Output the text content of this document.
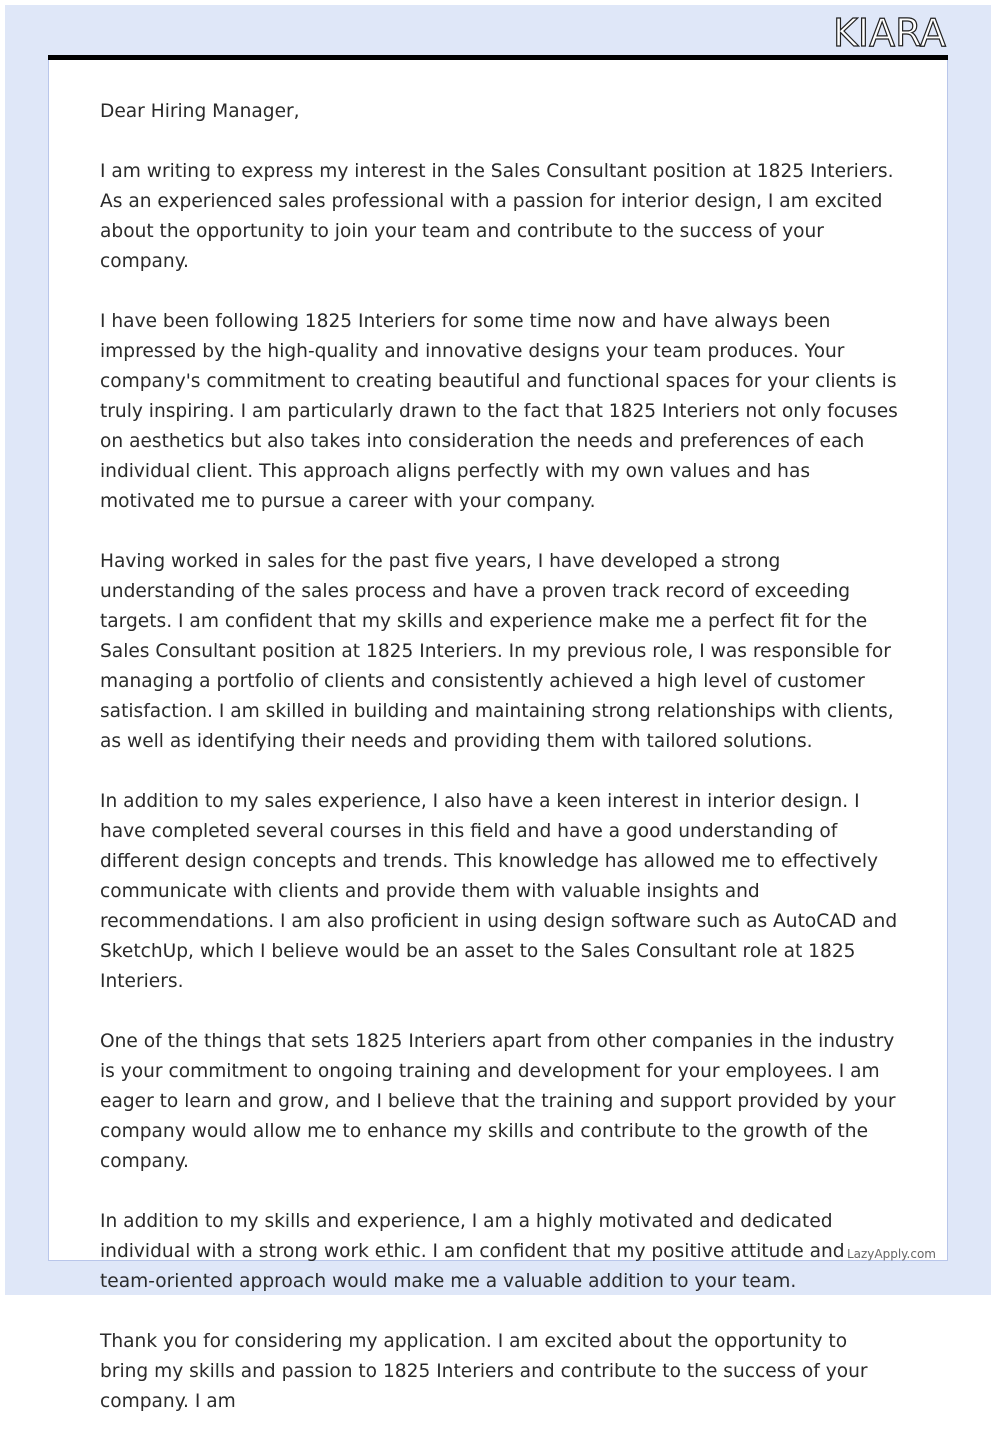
KIARA

Dear Hiring Manager,

I am writing to express my interest in the Sales Consultant position at 1825 Interiers. As an experienced sales professional with a passion for interior design, I am excited about the opportunity to join your team and contribute to the success of your company.

I have been following 1825 Interiers for some time now and have always been impressed by the high-quality and innovative designs your team produces. Your company's commitment to creating beautiful and functional spaces for your clients is truly inspiring. I am particularly drawn to the fact that 1825 Interiers not only focuses on aesthetics but also takes into consideration the needs and preferences of each individual client. This approach aligns perfectly with my own values and has motivated me to pursue a career with your company.

Having worked in sales for the past five years, I have developed a strong understanding of the sales process and have a proven track record of exceeding targets. I am confident that my skills and experience make me a perfect fit for the Sales Consultant position at 1825 Interiers. In my previous role, I was responsible for managing a portfolio of clients and consistently achieved a high level of customer satisfaction. I am skilled in building and maintaining strong relationships with clients, as well as identifying their needs and providing them with tailored solutions.

In addition to my sales experience, I also have a keen interest in interior design. I have completed several courses in this field and have a good understanding of different design concepts and trends. This knowledge has allowed me to effectively communicate with clients and provide them with valuable insights and recommendations. I am also proficient in using design software such as AutoCAD and SketchUp, which I believe would be an asset to the Sales Consultant role at 1825 Interiers.

One of the things that sets 1825 Interiers apart from other companies in the industry is your commitment to ongoing training and development for your employees. I am eager to learn and grow, and I believe that the training and support provided by your company would allow me to enhance my skills and contribute to the growth of the company.

In addition to my skills and experience, I am a highly motivated and dedicated individual with a strong work ethic. I am confident that my positive attitude and team-oriented approach would make me a valuable addition to your team.

Thank you for considering my application. I am excited about the opportunity to bring my skills and passion to 1825 Interiers and contribute to the success of your company. I am

LazyApply.com
